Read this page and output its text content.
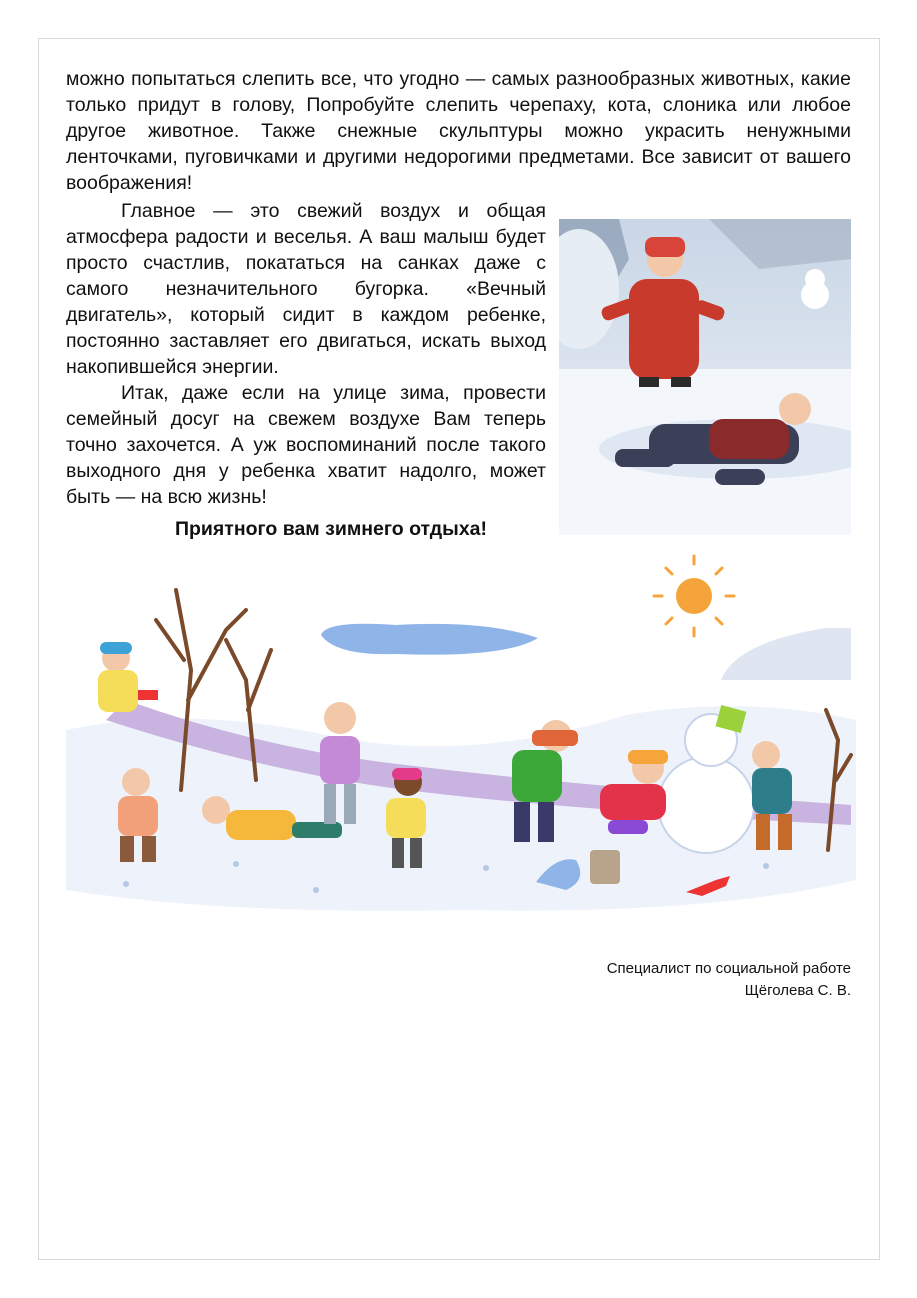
можно попытаться слепить все, что угодно — самых разнообразных животных, какие только придут в голову, Попробуйте слепить черепаху, кота, слоника или любое другое животное. Также снежные скульптуры можно украсить ненужными ленточками, пуговичками и другими недорогими предметами. Все зависит от вашего воображения!
Главное — это свежий воздух и общая атмосфера радости и веселья. А ваш малыш будет просто счастлив, покататься на санках даже с самого незначительного бугорка. «Вечный двигатель», который сидит в каждом ребенке, постоянно заставляет его двигаться, искать выход накопившейся энергии.
Итак, даже если на улице зима, провести семейный досуг на свежем воздухе Вам теперь точно захочется. А уж воспоминаний после такого выходного дня у ребенка хватит надолго, может быть — на всю жизнь!
Приятного вам зимнего отдыха!
Специалист по социальной работе
Щёголева С. В.
